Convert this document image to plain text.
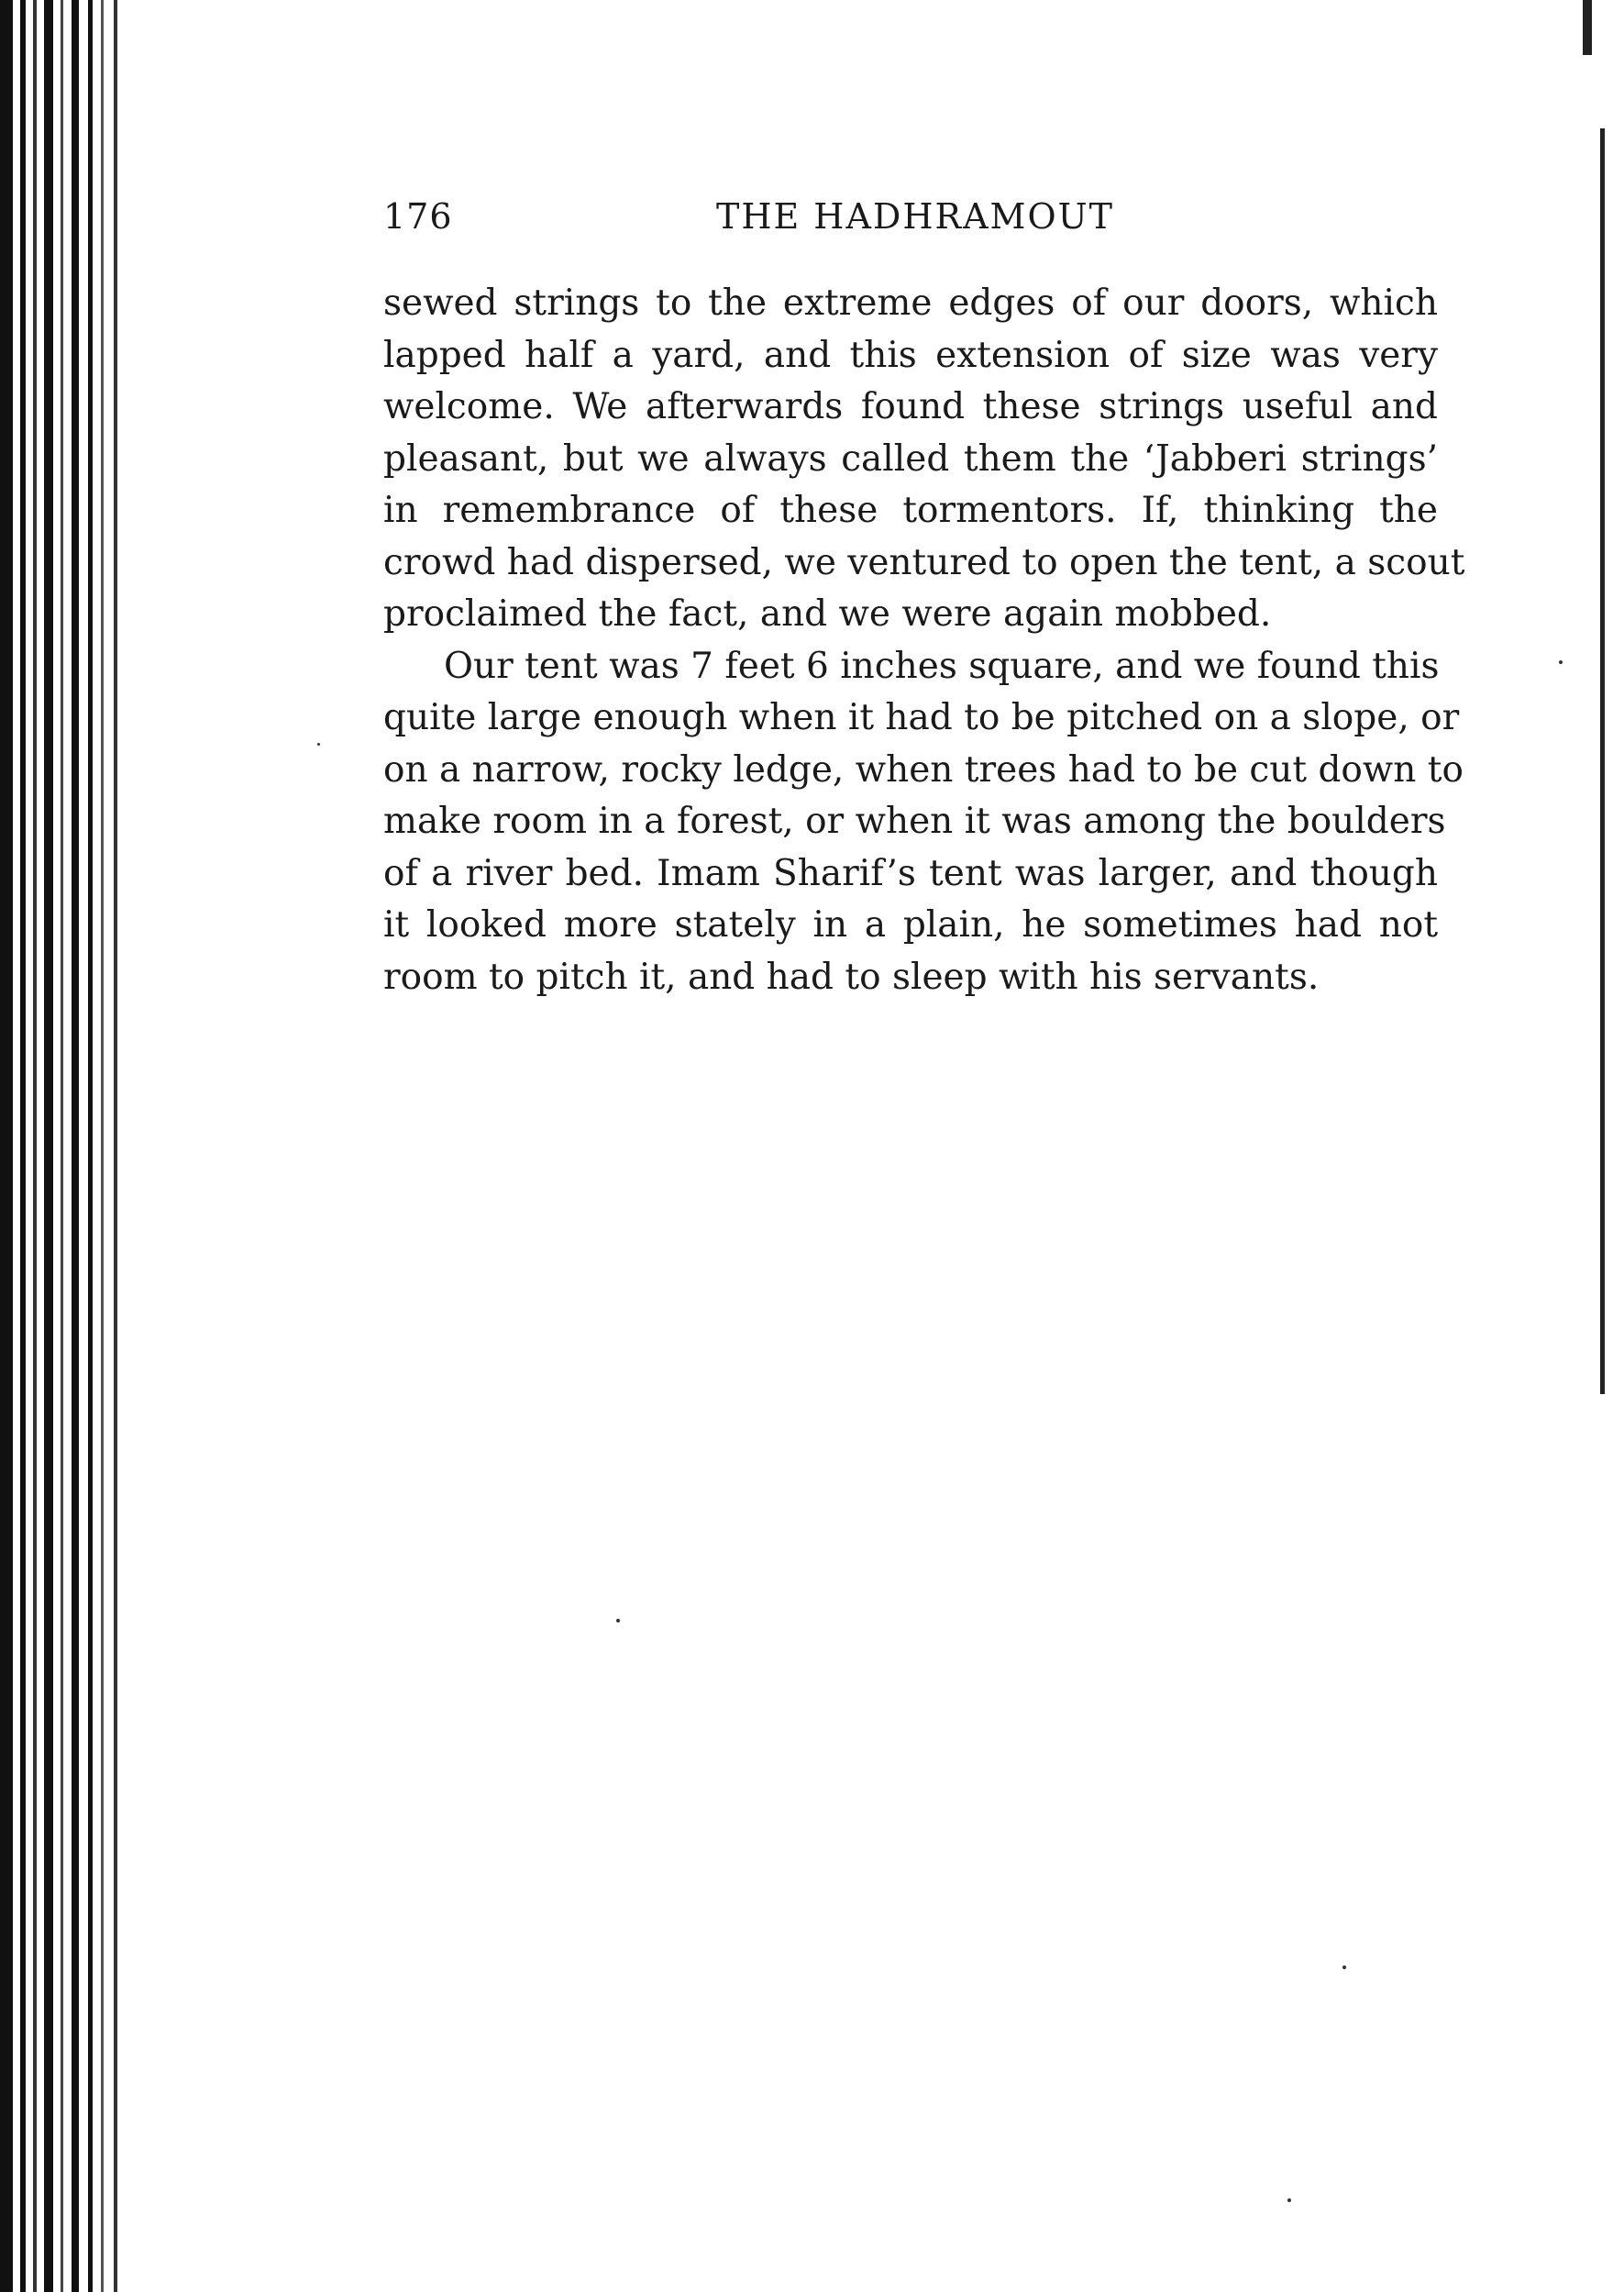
176	THE HADHRAMOUT
sewed strings to the extreme edges of our doors, which
lapped half a yard, and this extension of size was very
welcome. We afterwards found these strings useful and
pleasant, but we always called them the ‘Jabberi strings’
in remembrance of these tormentors. If, thinking the
crowd had dispersed, we ventured to open the tent, a scout
proclaimed the fact, and we were again mobbed.
Our tent was 7 feet 6 inches square, and we found this
quite large enough when it had to be pitched on a slope, or
on a narrow, rocky ledge, when trees had to be cut down to
make room in a forest, or when it was among the boulders
of a river bed. Imam Sharif’s tent was larger, and though
it looked more stately in a plain, he sometimes had not
room to pitch it, and had to sleep with his servants.
